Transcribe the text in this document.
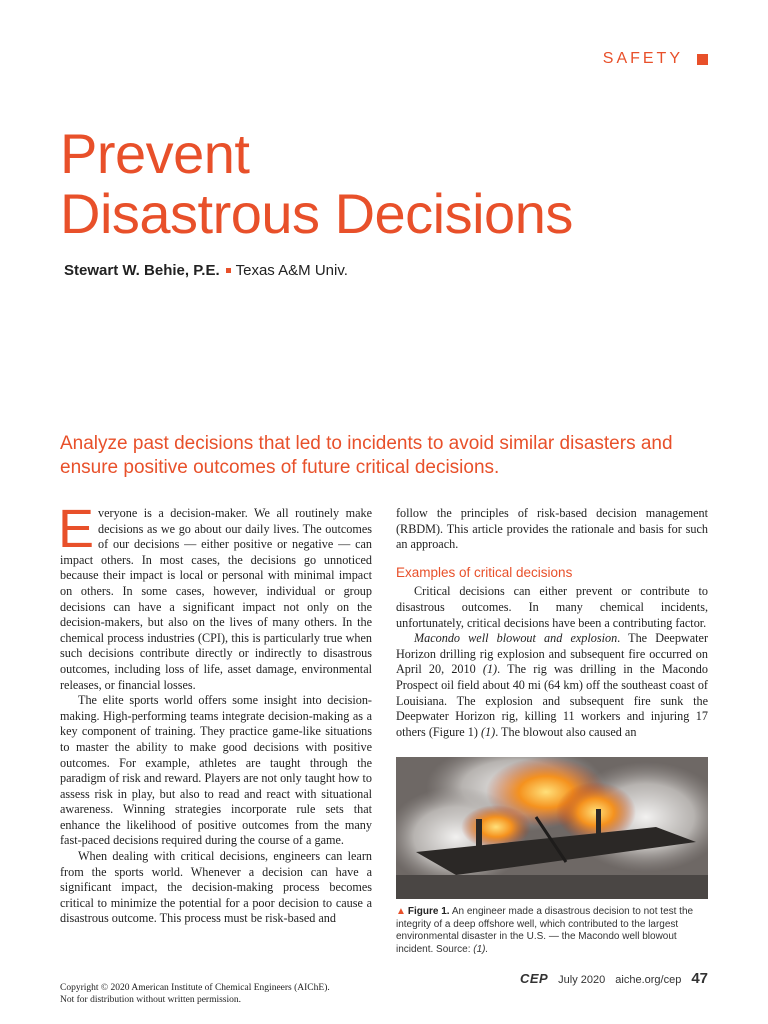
SAFETY
Prevent
Disastrous Decisions
Stewart W. Behie, P.E. Texas A&M Univ.
Analyze past decisions that led to incidents to avoid similar disasters and ensure positive outcomes of future critical decisions.

Everyone is a decision-maker. We all routinely make decisions as we go about our daily lives. The outcomes of our decisions — either positive or negative — can impact others. In most cases, the decisions go unnoticed because their impact is local or personal with minimal impact on others. In some cases, however, individual or group decisions can have a significant impact not only on the decision-makers, but also on the lives of many others. In the chemical process industries (CPI), this is particularly true when such decisions contribute directly or indirectly to disastrous outcomes, including loss of life, asset damage, environmental releases, or financial losses.

The elite sports world offers some insight into decision-making. High-performing teams integrate decision-making as a key component of training. They practice game-like situations to master the ability to make good decisions with positive outcomes. For example, athletes are taught through the paradigm of risk and reward. Players are not only taught how to assess risk in play, but also to read and react with situational awareness. Winning strategies incorporate rule sets that enhance the likelihood of positive outcomes from the many fast-paced decisions required during the course of a game.

When dealing with critical decisions, engineers can learn from the sports world. Whenever a decision can have a significant impact, the decision-making process becomes critical to minimize the potential for a poor decision to cause a disastrous outcome. This process must be risk-based and

follow the principles of risk-based decision management (RBDM). This article provides the rationale and basis for such an approach.

Examples of critical decisions

Critical decisions can either prevent or contribute to disastrous outcomes. In many chemical incidents, unfortunately, critical decisions have been a contributing factor.

Macondo well blowout and explosion. The Deepwater Horizon drilling rig explosion and subsequent fire occurred on April 20, 2010 (1). The rig was drilling in the Macondo Prospect oil field about 40 mi (64 km) off the southeast coast of Louisiana. The explosion and subsequent fire sunk the Deepwater Horizon rig, killing 11 workers and injuring 17 others (Figure 1) (1). The blowout also caused an

▲ Figure 1. An engineer made a disastrous decision to not test the integrity of a deep offshore well, which contributed to the largest environmental disaster in the U.S. — the Macondo well blowout incident. Source: (1).
CEP July 2020 aiche.org/cep 47
Copyright © 2020 American Institute of Chemical Engineers (AIChE).
Not for distribution without written permission.
